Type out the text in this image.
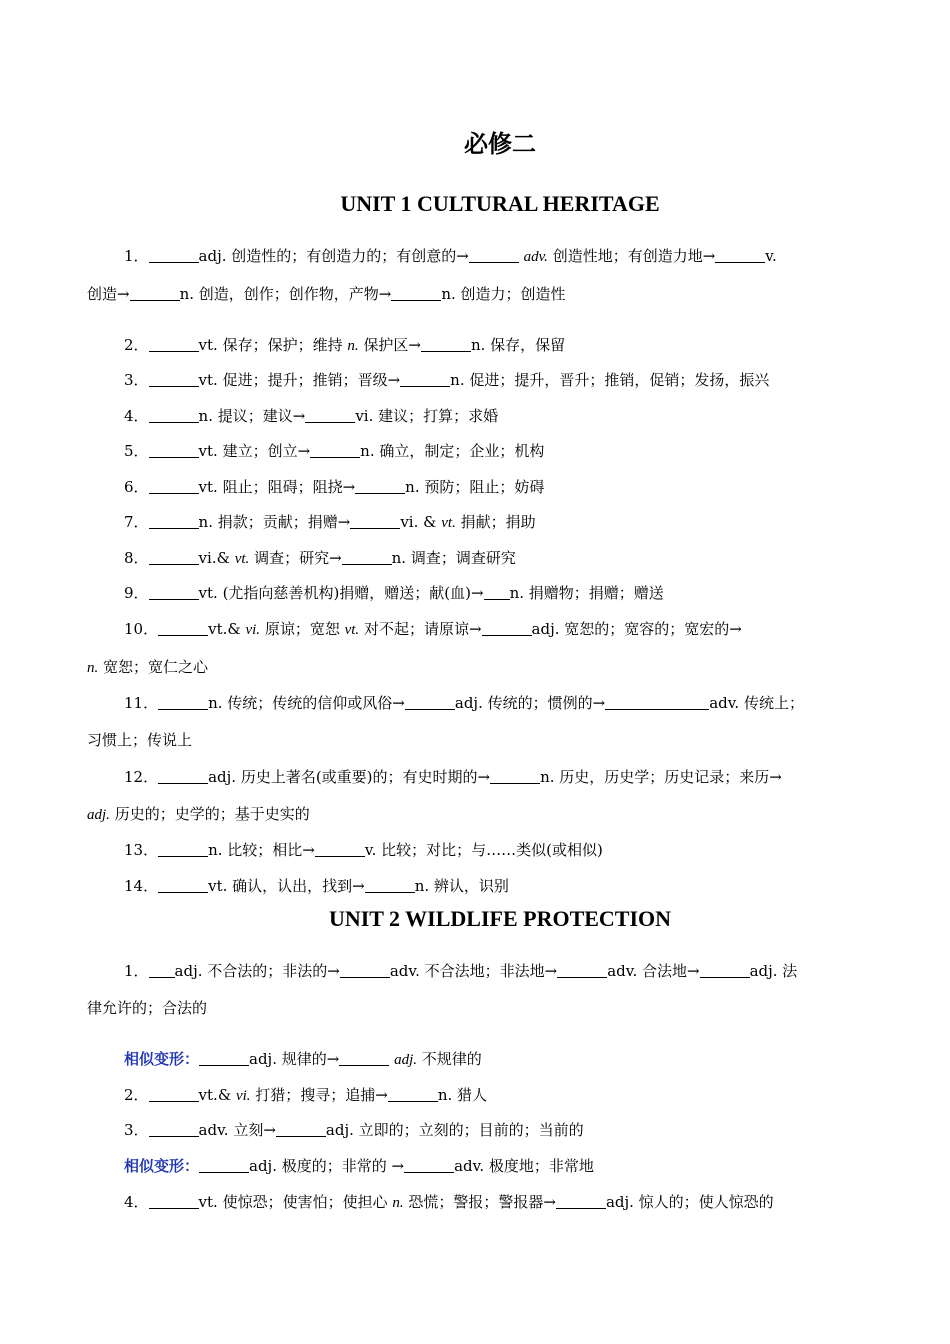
必修二
UNIT 1 CULTURAL HERITAGE
1．	adj. 创造性的；有创造力的；有创意的→	adv. 创造性地；有创造力地→	v.
创造→	n. 创造，创作；创作物，产物→	n. 创造力；创造性
2．	vt. 保存；保护；维持 n. 保护区→	n. 保存，保留
3．	vt. 促进；提升；推销；晋级→	n. 促进；提升，晋升；推销，促销；发扬，振兴
4．	n. 提议；建议→	vi. 建议；打算；求婚
5．	vt. 建立；创立→	n. 确立，制定；企业；机构
6．	vt. 阻止；阻碍；阻挠→	n. 预防；阻止；妨碍
7．	n. 捐款；贡献；捐赠→	vi. & vt. 捐献；捐助
8．	vi.& vt. 调查；研究→	n. 调查；调查研究
9．	vt. (尤指向慈善机构)捐赠，赠送；献(血)→ n. 捐赠物；捐赠；赠送
10．	vt.& vi. 原谅；宽恕 vt. 对不起；请原谅→	adj. 宽恕的；宽容的；宽宏的→
n. 宽恕；宽仁之心
11．	n. 传统；传统的信仰或风俗→	adj. 传统的；惯例的→	adv. 传统上；
习惯上；传说上
12．	adj. 历史上著名(或重要)的；有史时期的→	n. 历史，历史学；历史记录；来历→
adj. 历史的；史学的；基于史实的
13．	n. 比较；相比→	v. 比较；对比；与……类似(或相似)
14．	vt. 确认，认出，找到→	n. 辨认，识别
UNIT 2 WILDLIFE PROTECTION
1． adj. 不合法的；非法的→	adv. 不合法地；非法地→	adv. 合法地→	adj. 法
律允许的；合法的
相似变形：	adj. 规律的→	adj. 不规律的
2．	vt.& vi. 打猎；搜寻；追捕→	n. 猎人
3．	adv. 立刻→	adj. 立即的；立刻的；目前的；当前的
相似变形：	adj. 极度的；非常的 →	adv. 极度地；非常地
4．	vt. 使惊恐；使害怕；使担心 n. 恐慌；警报；警报器→	adj. 惊人的；使人惊恐的
